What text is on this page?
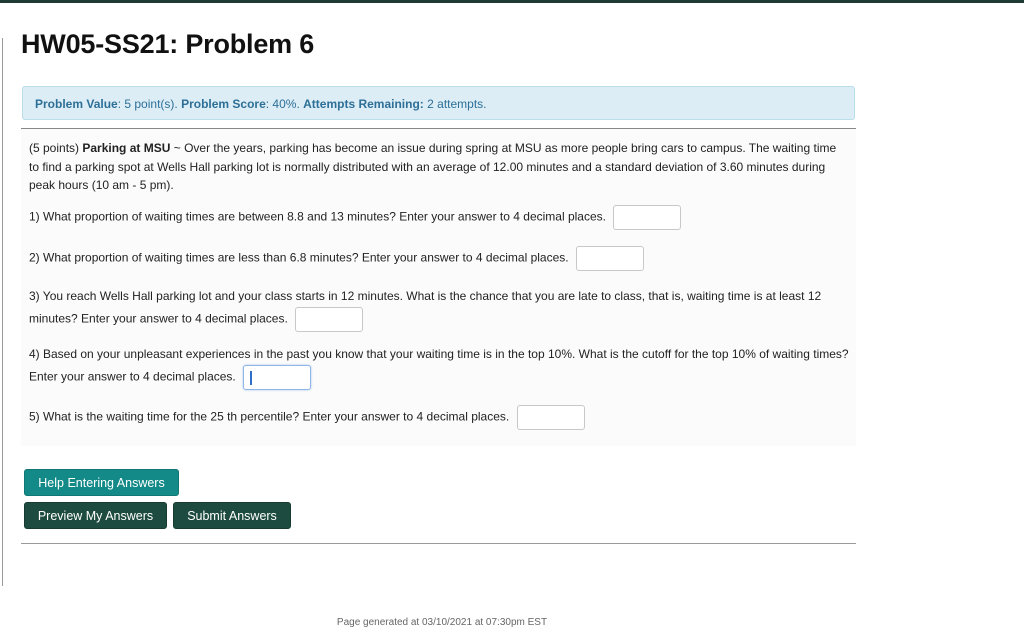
HW05-SS21: Problem 6
Problem Value: 5 point(s). Problem Score: 40%. Attempts Remaining: 2 attempts.
(5 points) Parking at MSU ~ Over the years, parking has become an issue during spring at MSU as more people bring cars to campus. The waiting time to find a parking spot at Wells Hall parking lot is normally distributed with an average of 12.00 minutes and a standard deviation of 3.60 minutes during peak hours (10 am - 5 pm).
1) What proportion of waiting times are between 8.8 and 13 minutes? Enter your answer to 4 decimal places.
2) What proportion of waiting times are less than 6.8 minutes? Enter your answer to 4 decimal places.
3) You reach Wells Hall parking lot and your class starts in 12 minutes. What is the chance that you are late to class, that is, waiting time is at least 12 minutes? Enter your answer to 4 decimal places.
4) Based on your unpleasant experiences in the past you know that your waiting time is in the top 10%. What is the cutoff for the top 10% of waiting times? Enter your answer to 4 decimal places.
5) What is the waiting time for the 25 th percentile? Enter your answer to 4 decimal places.
Help Entering Answers
Preview My Answers	Submit Answers
Page generated at 03/10/2021 at 07:30pm EST
